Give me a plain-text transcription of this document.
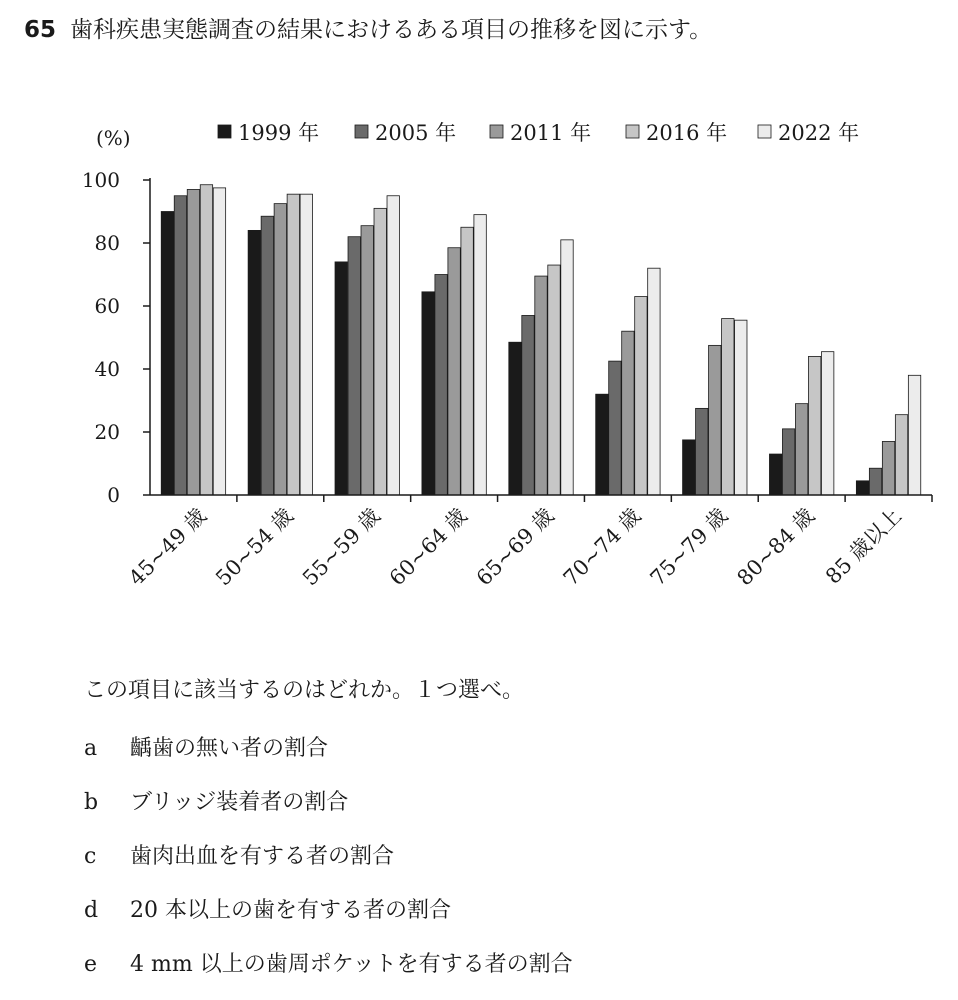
65 歯科疾患実態調査の結果におけるある項目の推移を図に示す。
1999 年	2005 年	2011 年	2016 年 2022 年
(%)
0
20
40
60
80
100
45~49 歳 50~54 歳 55~59 歳 60~64 歳 65~69 歳 70~74 歳 75~79 歳 80~84 歳 85 歳以上
この項目に該当するのはどれか。１つ選べ。
a 齲歯の無い者の割合
b ブリッジ装着者の割合
c 歯肉出血を有する者の割合
d 20 本以上の歯を有する者の割合
e 4 mm 以上の歯周ポケットを有する者の割合
